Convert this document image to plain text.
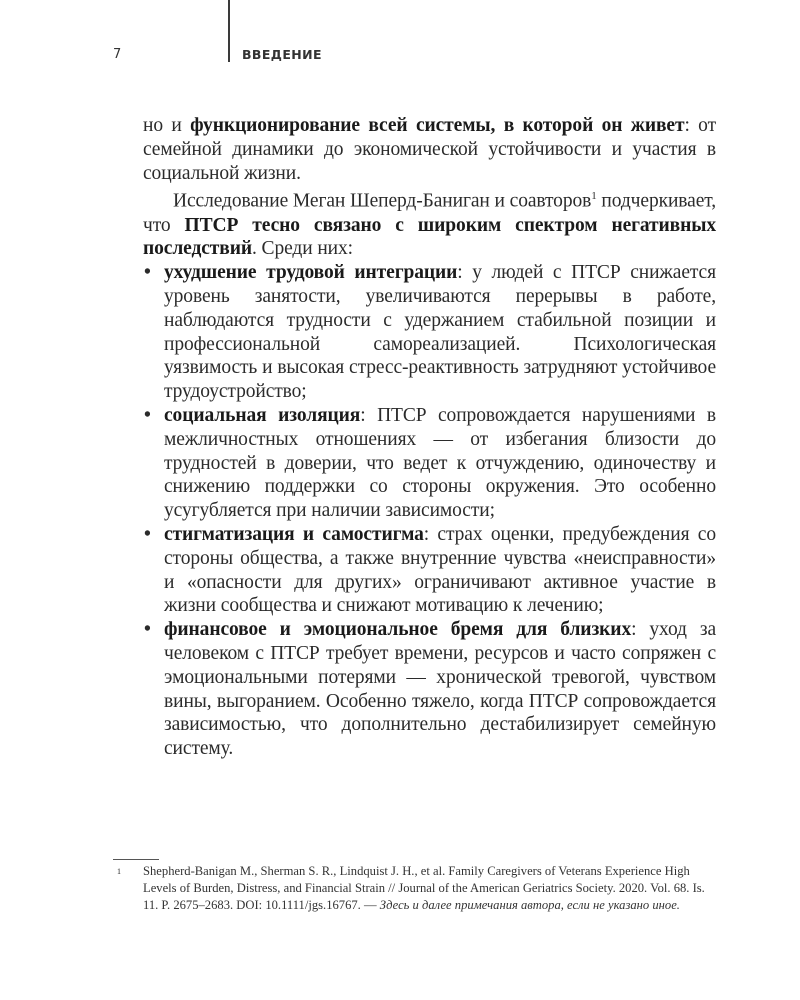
7	ВВЕДЕНИЕ

но и функционирование всей системы, в которой он живет: от семейной динамики до экономической устойчивости и участия в социальной жизни.

Исследование Меган Шеперд-Баниган и соавторов$^1$ подчеркивает, что ПТСР тесно связано с широким спектром негативных последствий. Среди них:

• ухудшение трудовой интеграции: у людей с ПТСР снижается уровень занятости, увеличиваются перерывы в работе, наблюдаются трудности с удержанием стабильной позиции и профессиональной самореализацией. Психологическая уязвимость и высокая стресс-реактивность затрудняют устойчивое трудоустройство;
• социальная изоляция: ПТСР сопровождается нарушениями в межличностных отношениях — от избегания близости до трудностей в доверии, что ведет к отчуждению, одиночеству и снижению поддержки со стороны окружения. Это особенно усугубляется при наличии зависимости;
• стигматизация и самостигма: страх оценки, предубеждения со стороны общества, а также внутренние чувства «неисправности» и «опасности для других» ограничивают активное участие в жизни сообщества и снижают мотивацию к лечению;
• финансовое и эмоциональное бремя для близких: уход за человеком с ПТСР требует времени, ресурсов и часто сопряжен с эмоциональными потерями — хронической тревогой, чувством вины, выгоранием. Особенно тяжело, когда ПТСР сопровождается зависимостью, что дополнительно дестабилизирует семейную систему.
1 Shepherd-Banigan M., Sherman S. R., Lindquist J. H., et al. Family Caregivers of Veterans Experience High Levels of Burden, Distress, and Financial Strain // Journal of the American Geriatrics Society. 2020. Vol. 68. Is. 11. P. 2675–2683. DOI: 10.1111/jgs.16767. — Здесь и далее примечания автора, если не указано иное.
